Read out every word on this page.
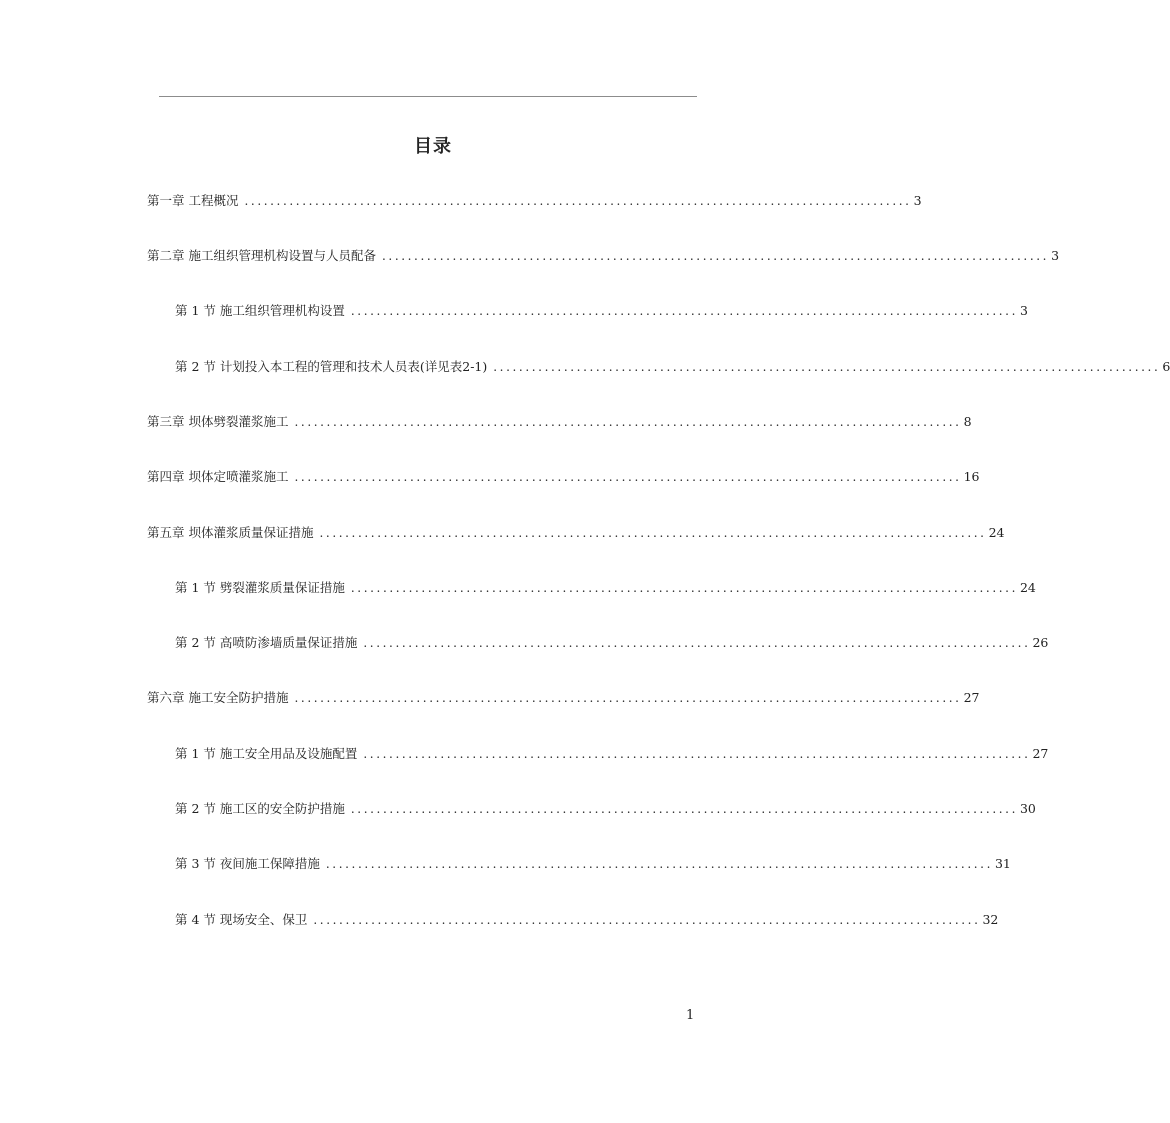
目录
第一章 工程概况 ........................................................................................................ 3
第二章 施工组织管理机构设置与人员配备 ........................................................................................................ 3
第 1 节 施工组织管理机构设置 ........................................................................................................ 3
第 2 节 计划投入本工程的管理和技术人员表(详见表2-1) ........................................................................................................ 6
第三章 坝体劈裂灌浆施工 ........................................................................................................ 8
第四章 坝体定喷灌浆施工 ........................................................................................................ 16
第五章 坝体灌浆质量保证措施 ........................................................................................................ 24
第 1 节 劈裂灌浆质量保证措施 ........................................................................................................ 24
第 2 节 高喷防渗墙质量保证措施 ........................................................................................................ 26
第六章 施工安全防护措施 ........................................................................................................ 27
第 1 节 施工安全用品及设施配置 ........................................................................................................ 27
第 2 节 施工区的安全防护措施 ........................................................................................................ 30
第 3 节 夜间施工保障措施 ........................................................................................................ 31
第 4 节 现场安全、保卫 ........................................................................................................ 32
1
